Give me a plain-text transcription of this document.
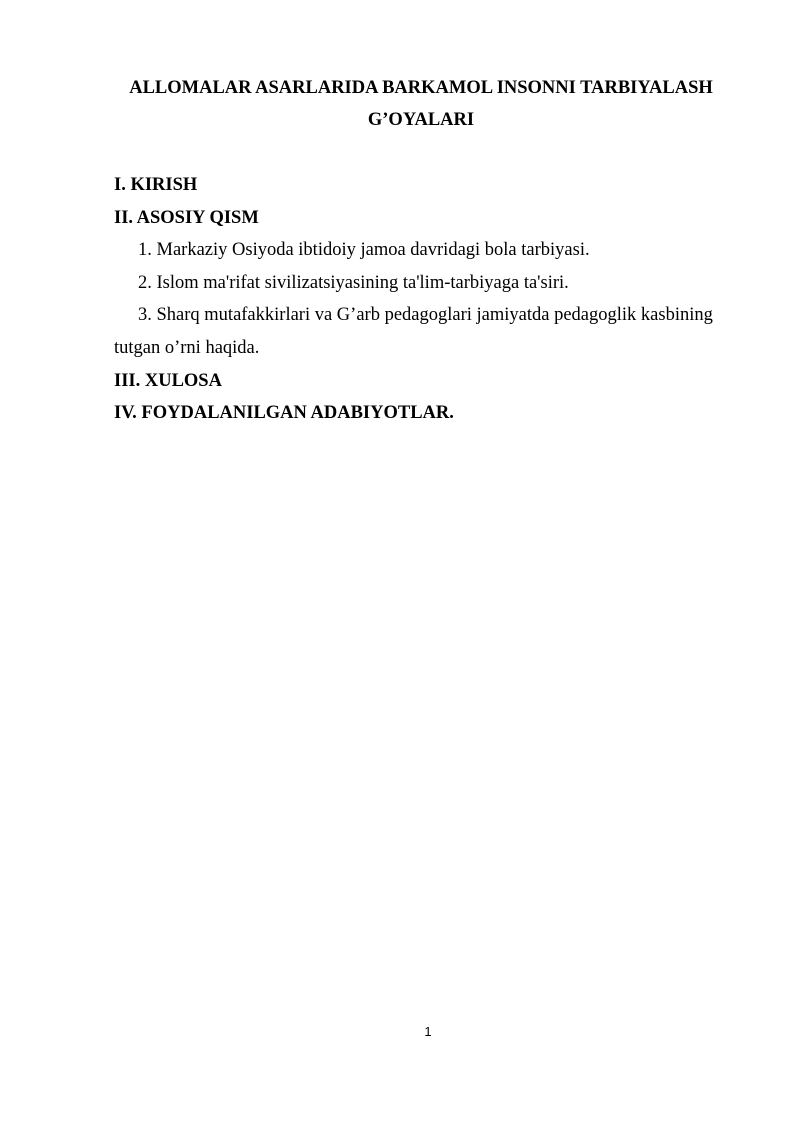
ALLOMALAR ASARLARIDA BARKAMOL INSONNI TARBIYALASH
G’OYALARI
I. KIRISH
II. ASOSIY QISM
1. Markaziy Osiyoda ibtidoiy jamoa davridagi bola tarbiyasi.
2. Islom ma'rifat sivilizatsiyasining ta'lim-tarbiyaga ta'siri.
3. Sharq mutafakkirlari va G’arb pedagoglari jamiyatda pedagoglik kasbining
tutgan o’rni haqida.
III. XULOSA
IV. FOYDALANILGAN ADABIYOTLAR.
1
